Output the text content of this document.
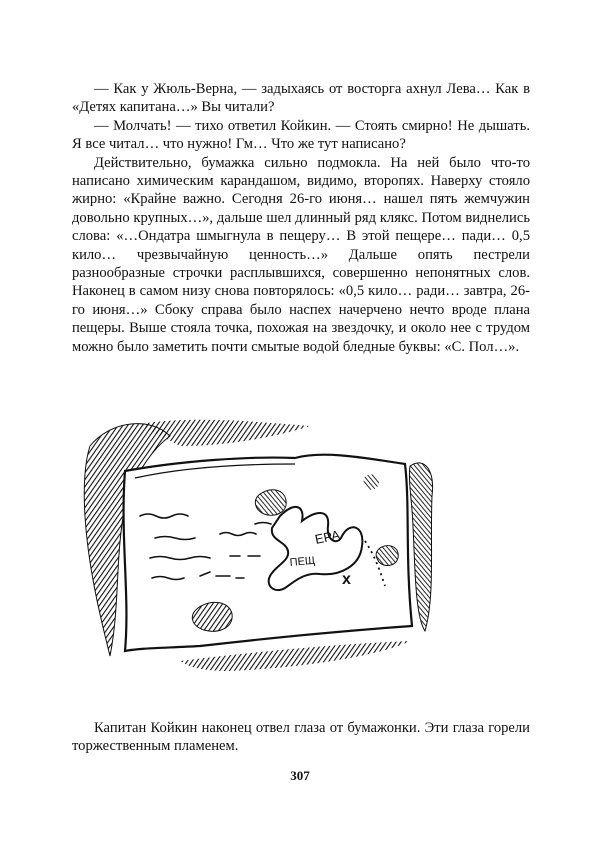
— Как у Жюль-Верна, — задыхаясь от восторга ахнул Лева… Как в «Детях капитана…» Вы читали?

— Молчать! — тихо ответил Койкин. — Стоять смирно! Не дышать. Я все читал… что нужно! Гм… Что же тут написано?

Действительно, бумажка сильно подмокла. На ней было что-то написано химическим карандашом, видимо, второпях. Наверху стояло жирно: «Крайне важно. Сегодня 26-го июня… нашел пять жемчужин довольно крупных…», дальше шел длинный ряд клякс. Потом виднелись слова: «…Ондатра шмыгнула в пещеру… В этой пещере… пади… 0,5 кило… чрезвычайную ценность…» Дальше опять пестрели разнообразные строчки расплывшихся, совершенно непонятных слов. Наконец в самом низу снова повторялось: «0,5 кило… ради… завтра, 26-го июня…» Сбоку справа было наспех начерчено нечто вроде плана пещеры. Выше стояла точка, похожая на звездочку, и около нее с трудом можно было заметить почти смытые водой бледные буквы: «С. Пол…».

ЕРА
ПЕЩ
x

Капитан Койкин наконец отвел глаза от бумажонки. Эти глаза горели торжественным пламенем.

307
